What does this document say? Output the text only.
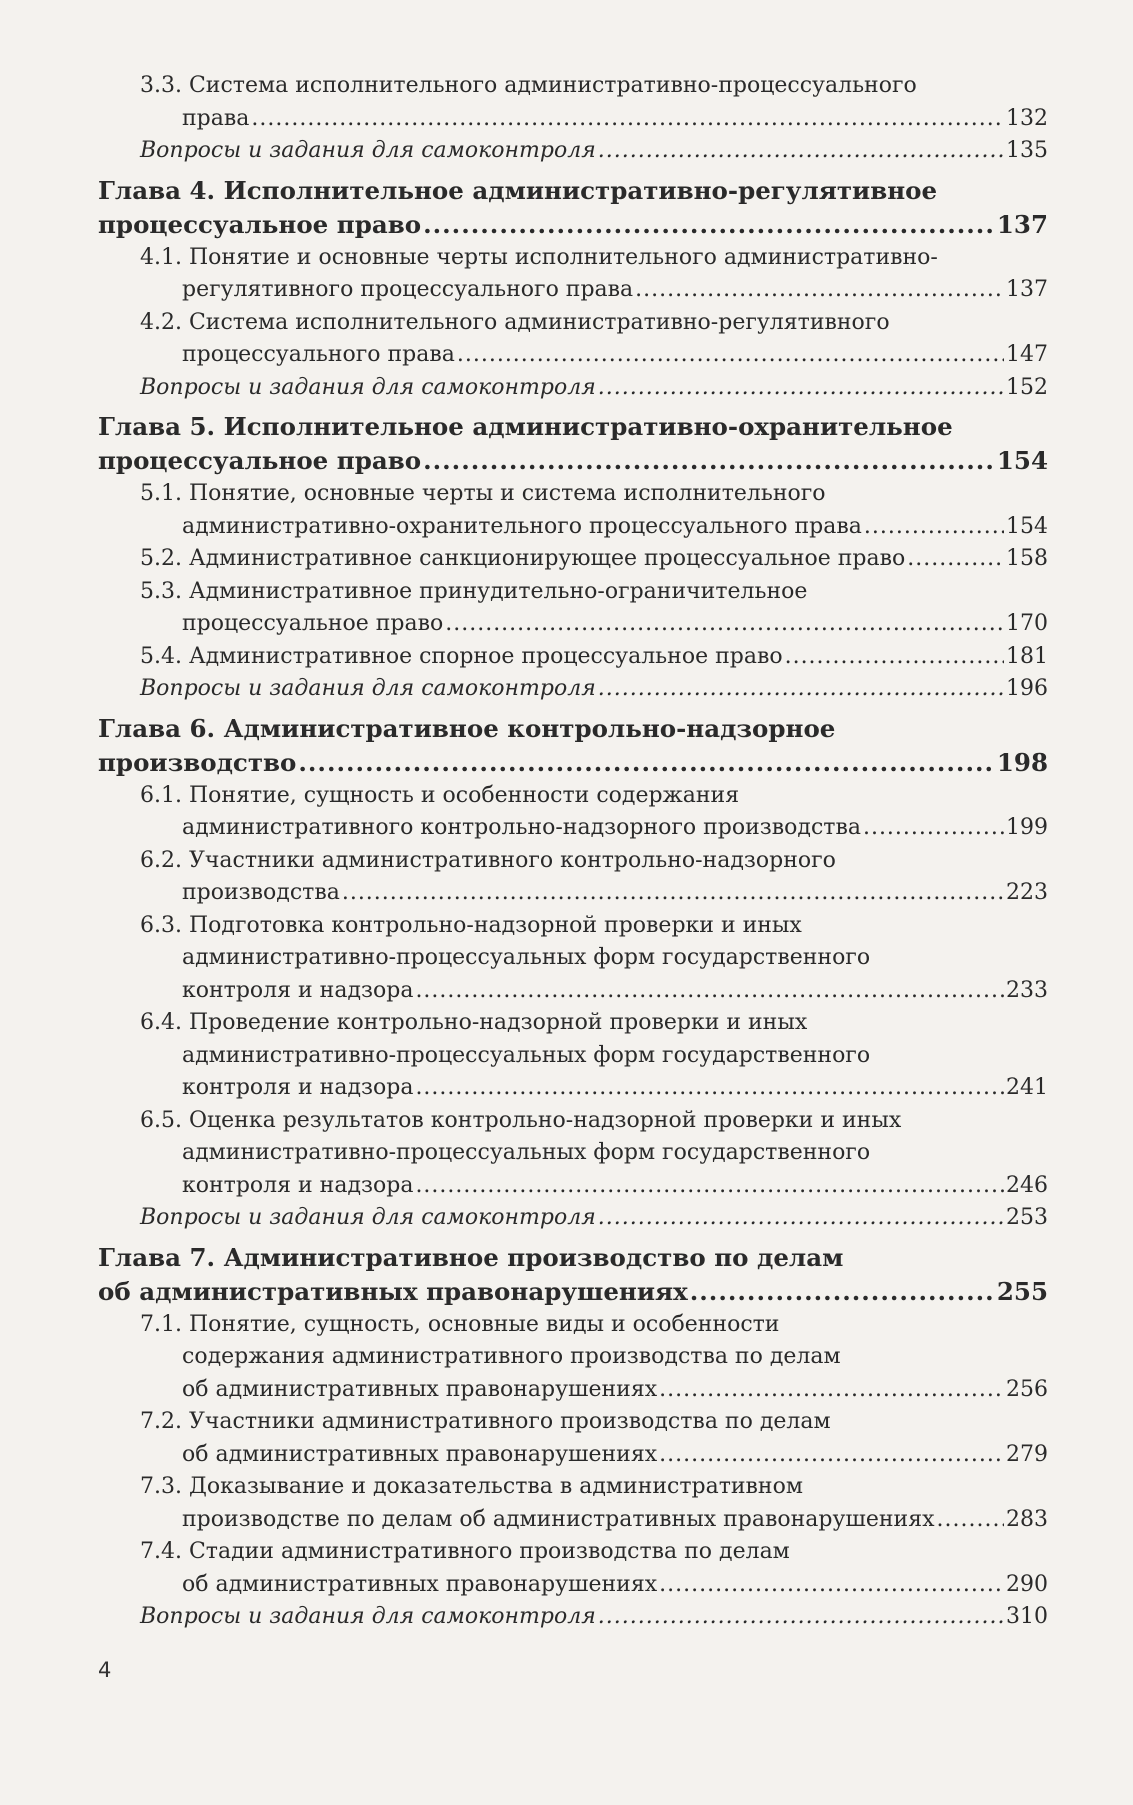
3.3. Система исполнительного административно-процессуального
права .....	132
Вопросы и задания для самоконтроля .....	135
Глава 4. Исполнительное административно-регулятивное
процессуальное право .....	137
4.1. Понятие и основные черты исполнительного административно-
регулятивного процессуального права .....	137
4.2. Система исполнительного административно-регулятивного
процессуального права .....	147
Вопросы и задания для самоконтроля .....	152
Глава 5. Исполнительное административно-охранительное
процессуальное право .....	154
5.1. Понятие, основные черты и система исполнительного
административно-охранительного процессуального права .....	154
5.2. Административное санкционирующее процессуальное право .....	158
5.3. Административное принудительно-ограничительное
процессуальное право .....	170
5.4. Административное спорное процессуальное право .....	181
Вопросы и задания для самоконтроля .....	196
Глава 6. Административное контрольно-надзорное
производство .....	198
6.1. Понятие, сущность и особенности содержания
административного контрольно-надзорного производства .....	199
6.2. Участники административного контрольно-надзорного
производства .....	223
6.3. Подготовка контрольно-надзорной проверки и иных
административно-процессуальных форм государственного
контроля и надзора .....	233
6.4. Проведение контрольно-надзорной проверки и иных
административно-процессуальных форм государственного
контроля и надзора .....	241
6.5. Оценка результатов контрольно-надзорной проверки и иных
административно-процессуальных форм государственного
контроля и надзора .....	246
Вопросы и задания для самоконтроля .....	253
Глава 7. Административное производство по делам
об административных правонарушениях .....	255
7.1. Понятие, сущность, основные виды и особенности
содержания административного производства по делам
об административных правонарушениях .....	256
7.2. Участники административного производства по делам
об административных правонарушениях .....	279
7.3. Доказывание и доказательства в административном
производстве по делам об административных правонарушениях .....	283
7.4. Стадии административного производства по делам
об административных правонарушениях .....	290
Вопросы и задания для самоконтроля .....	310
4
